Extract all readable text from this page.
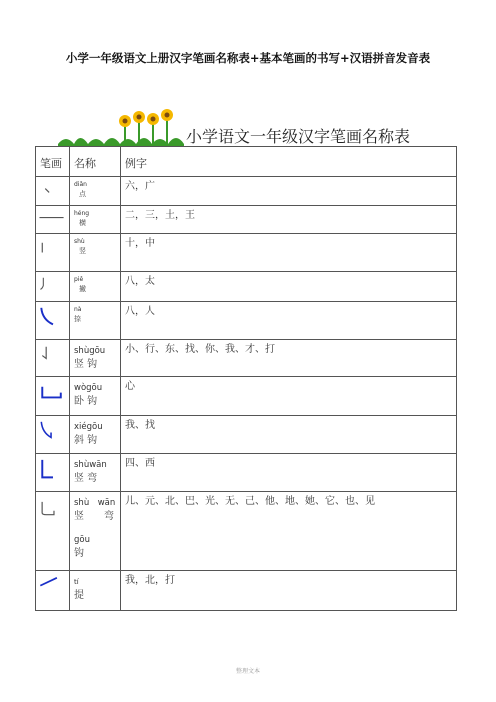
小学一年级语文上册汉字笔画名称表+基本笔画的书写+汉语拼音发音表
小学语文一年级汉字笔画名称表
笔画	名称	例字

diǎn
点	六，广

héng
横	二，三，土，王

shù
竖	十，中

piě
撇	八，太

nà
捺	八，人

shùgōu
竖 钩	小、行、东、找、你、我、才、打

wògōu
卧 钩	心

xiégōu
斜 钩	我、找

shùwān
竖 弯	四、西

shù　wān
竖　　弯
gōu
钩	儿、元、北、巴、光、无、己、他、地、她、它、也、见

tí
提	我，北，打
整理文本
